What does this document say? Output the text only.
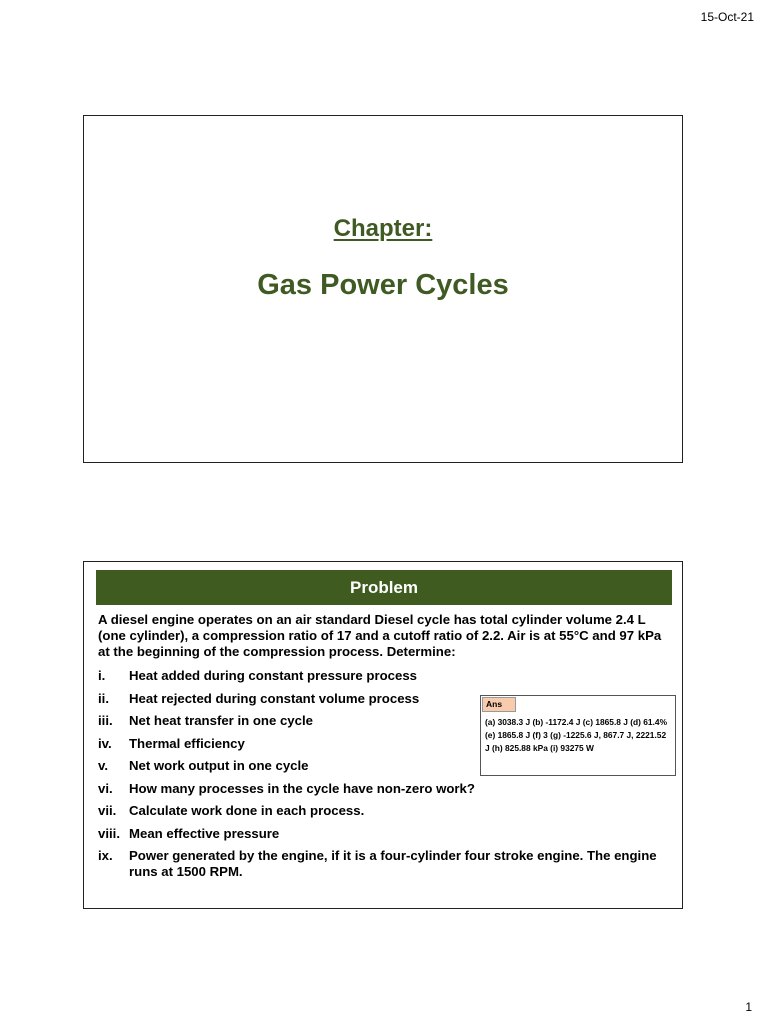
15-Oct-21
Chapter:
Gas Power Cycles
Problem
A diesel engine operates on an air standard Diesel cycle has total cylinder volume 2.4 L (one cylinder), a compression ratio of 17 and a cutoff ratio of 2.2. Air is at 55°C and 97 kPa at the beginning of the compression process. Determine:
i.	Heat added during constant pressure process
ii.	Heat rejected during constant volume process
iii.	Net heat transfer in one cycle
iv.	Thermal efficiency
v.	Net work output in one cycle
vi.	How many processes in the cycle have non-zero work?
vii. Calculate work done in each process.
viii. Mean effective pressure
ix.	Power generated by the engine, if it is a four-cylinder four stroke engine. The engine runs at 1500 RPM.
Ans
(a) 3038.3 J (b) -1172.4 J (c) 1865.8 J (d) 61.4% (e) 1865.8 J (f) 3 (g) -1225.6 J, 867.7 J, 2221.52 J (h) 825.88 kPa (i) 93275 W
1
